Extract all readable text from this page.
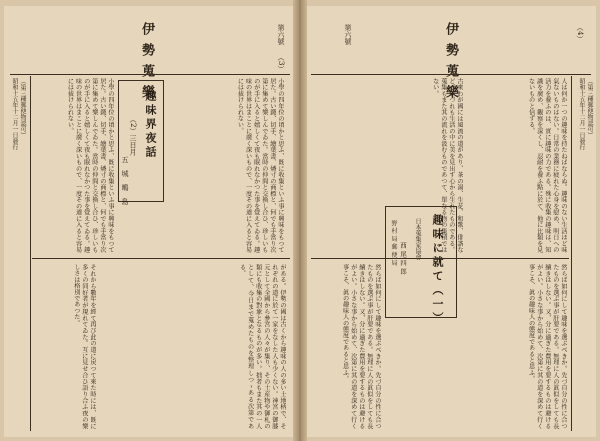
第六號
（3）
伊勢蒐樂
昭和十五年十二月一日發行 （第三種郵便物認可）	小學の四年位の頃かと思ふ、既に收集といふ事に興味をもつて居た。古い錢、切手、繪葉書、燐寸の商標と、何でも手當り次第に集めて樂しんでゐた。當時の仲間と交換し合ひ、珍しいものが手に入ると嬉しくて夜も眠れなかつた事を覺えてゐる。趣味の世界はまことに廣く深いもので、一度その道に入ると容易には拔けられない。	趣味界夜話
（2）三日月
五　城　鴫　島	小學の四年位の頃かと思ふ、既に收集といふ事に興味をもつて居た。古い錢、切手、繪葉書、燐寸の商標と、何でも手當り次第に集めて樂しんでゐた。當時の仲間と交換し合ひ、珍しいものが手に入ると嬉しくて夜も眠れなかつた事を覺えてゐる。趣味の世界はまことに廣く深いもので、一度その道に入ると容易には拔けられない。
それから數年を經て再び此の道に戻つて來た時には、既に多くの同好者が現れてゐた。互に見せ合ひ語り合ふ夜の樂しさは格別であつた。	がある。伊勢の國は古くから趣味の人の多い土地柄で、それぞれの道に於て一家をなした人も少くない。神宮の御膝元として全國から參宮の人々が集り、その土産物や御札の類にも收集の對象となるものが多い。拙者もまた其の一人として、今日まで蒐めたものを整理しつゝある次第である。
第六號	（4）
伊勢蒐樂
昭和十五年十二月一日發行 （第三種郵便物認可）
古來わが國には風流の道があり、茶の湯、生花、和歌、俳諧など、いづれも生活の中に美を見出す心から生れたものである。蒐集もまた其の流れを汲むものであつて、單なる物の集積ではない。	人は何か一つの趣味を持たねばならぬ。趣味のない生活ほど味氣ないものはない。日常の業務に疲れた心身を慰め、明日への活力を養ふのは、實に趣味の力である。殊に收集の趣味は、知識を廣め、觀察を深くし、忍耐を養ふ點に於て、他に比類を見ないものと信ずる。
趣味に就て（一）
日本蒐集家協會
西 尾 四 郎
野 村 局 郵 便 局
然らば如何にして趣味を選ぶべきか。先づ自分の性に合つたものを選ぶ事が肝要である。無理に人の眞似をしても長續きはしない。又、分に過ぎた費用を要するものは避けるがよい。小さな事から始めて、次第に其の道を深めて行く事こそ、眞の趣味人の態度であると思ふ。	然らば如何にして趣味を選ぶべきか。先づ自分の性に合つたものを選ぶ事が肝要である。無理に人の眞似をしても長續きはしない。又、分に過ぎた費用を要するものは避けるがよい。小さな事から始めて、次第に其の道を深めて行く事こそ、眞の趣味人の態度であると思ふ。
